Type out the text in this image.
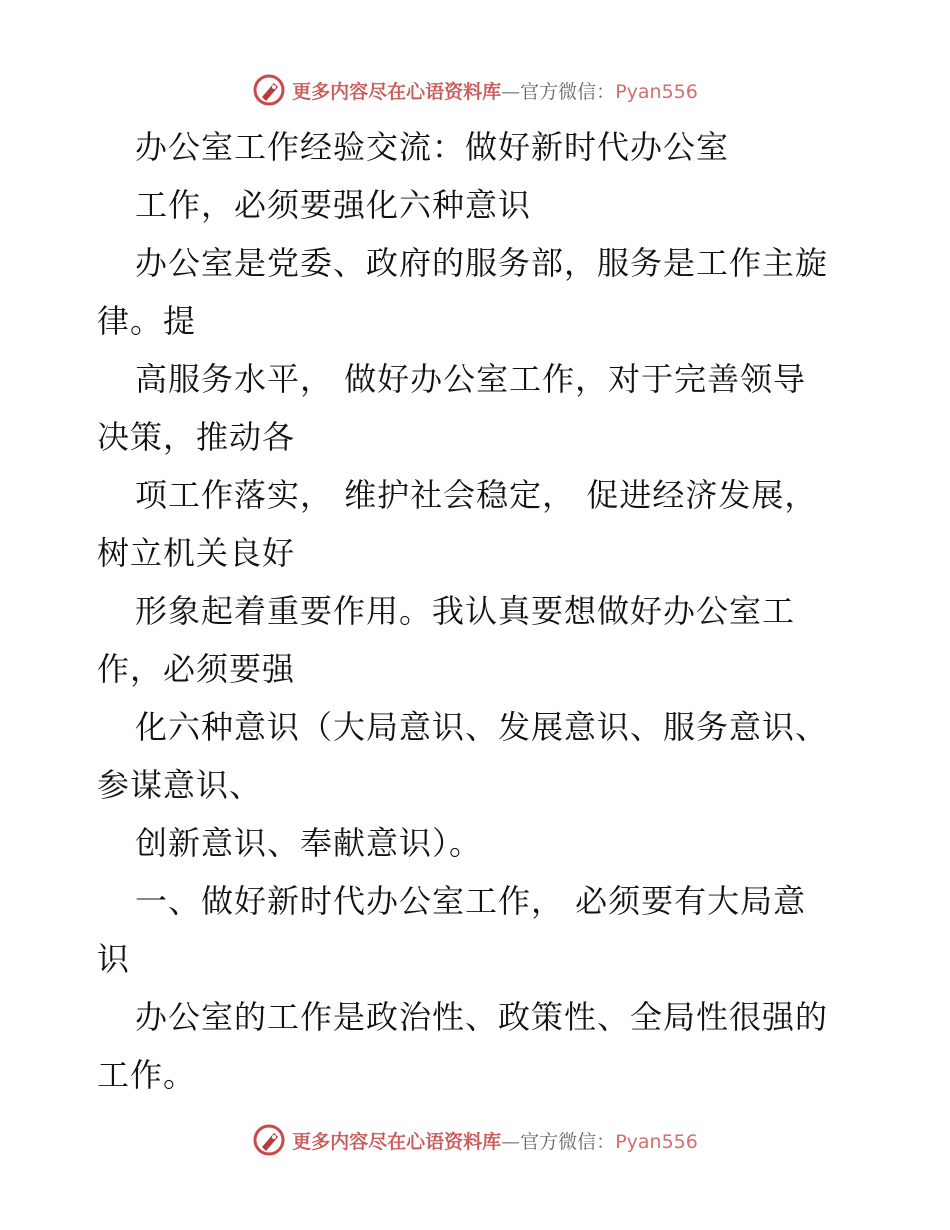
更多内容尽在心语资料库—官方微信：Pyan556
办公室工作经验交流：做好新时代办公室
工作，必须要强化六种意识
办公室是党委、政府的服务部，服务是工作主旋
律。提
高服务水平， 做好办公室工作，对于完善领导
决策，推动各
项工作落实， 维护社会稳定， 促进经济发展，
树立机关良好
形象起着重要作用。我认真要想做好办公室工
作，必须要强
化六种意识（大局意识、发展意识、服务意识、
参谋意识、
创新意识、奉献意识）。
一、做好新时代办公室工作， 必须要有大局意
识
办公室的工作是政治性、政策性、全局性很强的
工作。
更多内容尽在心语资料库—官方微信：Pyan556
